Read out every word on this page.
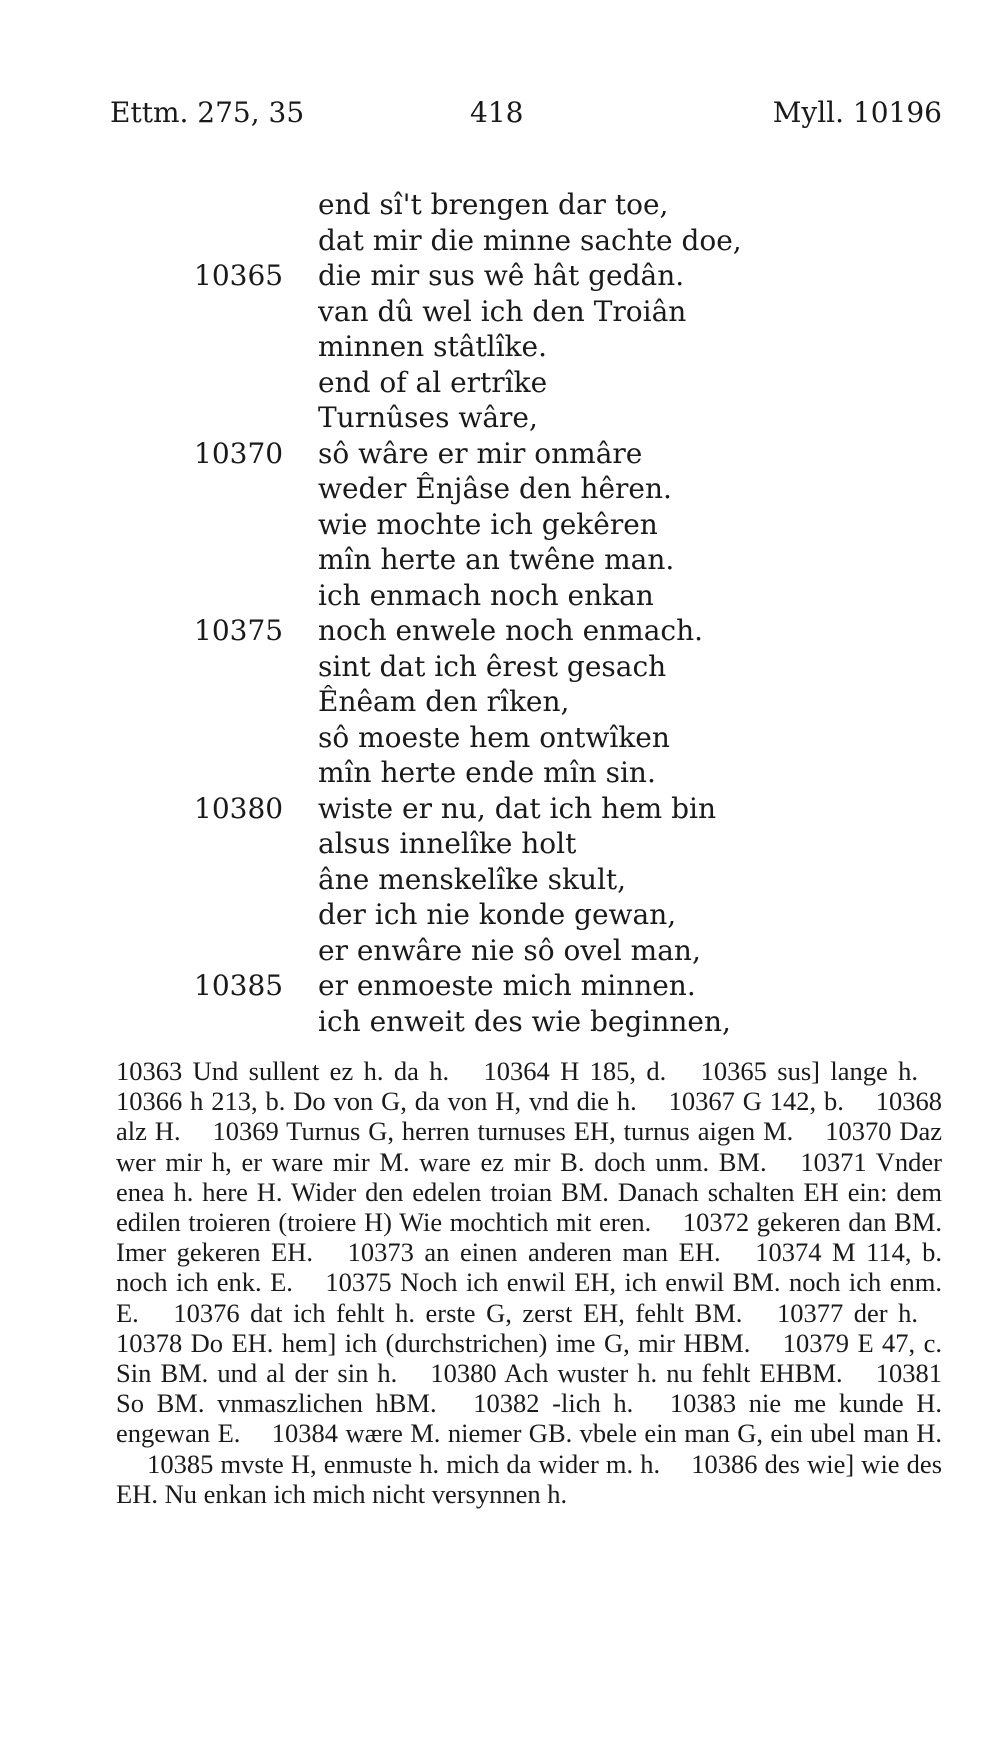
Ettm. 275, 35	418	Myll. 10196
end sî't brengen dar toe,
dat mir die minne sachte doe,
10365 die mir sus wê hât gedân.
van dû wel ich den Troiân
minnen stâtlîke.
end of al ertrîke
Turnûses wâre,
10370 sô wâre er mir onmâre
weder Ênjâse den hêren.
wie mochte ich gekêren
mîn herte an twêne man.
ich enmach noch enkan
10375 noch enwele noch enmach.
sint dat ich êrest gesach
Ênêam den rîken,
sô moeste hem ontwîken
mîn herte ende mîn sin.
10380 wiste er nu, dat ich hem bin
alsus innelîke holt
âne menskelîke skult,
der ich nie konde gewan,
er enwâre nie sô ovel man,
10385 er enmoeste mich minnen.
ich enweit des wie beginnen,
10363 Und sullent ez h. da h. 10364 H 185, d. 10365 sus] lange h. 10366 h 213, b. Do von G, da von H, vnd die h. 10367 G 142, b. 10368 alz H. 10369 Turnus G, herren turnuses EH, turnus aigen M. 10370 Daz wer mir h, er ware mir M. ware ez mir B. doch unm. BM. 10371 Vnder enea h. here H. Wider den edelen troian BM. Danach schalten EH ein: dem edilen troieren (troiere H) Wie mochtich mit eren. 10372 gekeren dan BM. Imer gekeren EH. 10373 an einen anderen man EH. 10374 M 114, b. noch ich enk. E. 10375 Noch ich enwil EH, ich enwil BM. noch ich enm. E. 10376 dat ich fehlt h. erste G, zerst EH, fehlt BM. 10377 der h. 10378 Do EH. hem] ich (durchstrichen) ime G, mir HBM. 10379 E 47, c. Sin BM. und al der sin h. 10380 Ach wuster h. nu fehlt EHBM. 10381 So BM. vnmaszlichen hBM. 10382 -lich h. 10383 nie me kunde H. engewan E. 10384 wære M. niemer GB. vbele ein man G, ein ubel man H. 10385 mvste H, enmuste h. mich da wider m. h. 10386 des wie] wie des EH. Nu enkan ich mich nicht versynnen h.
